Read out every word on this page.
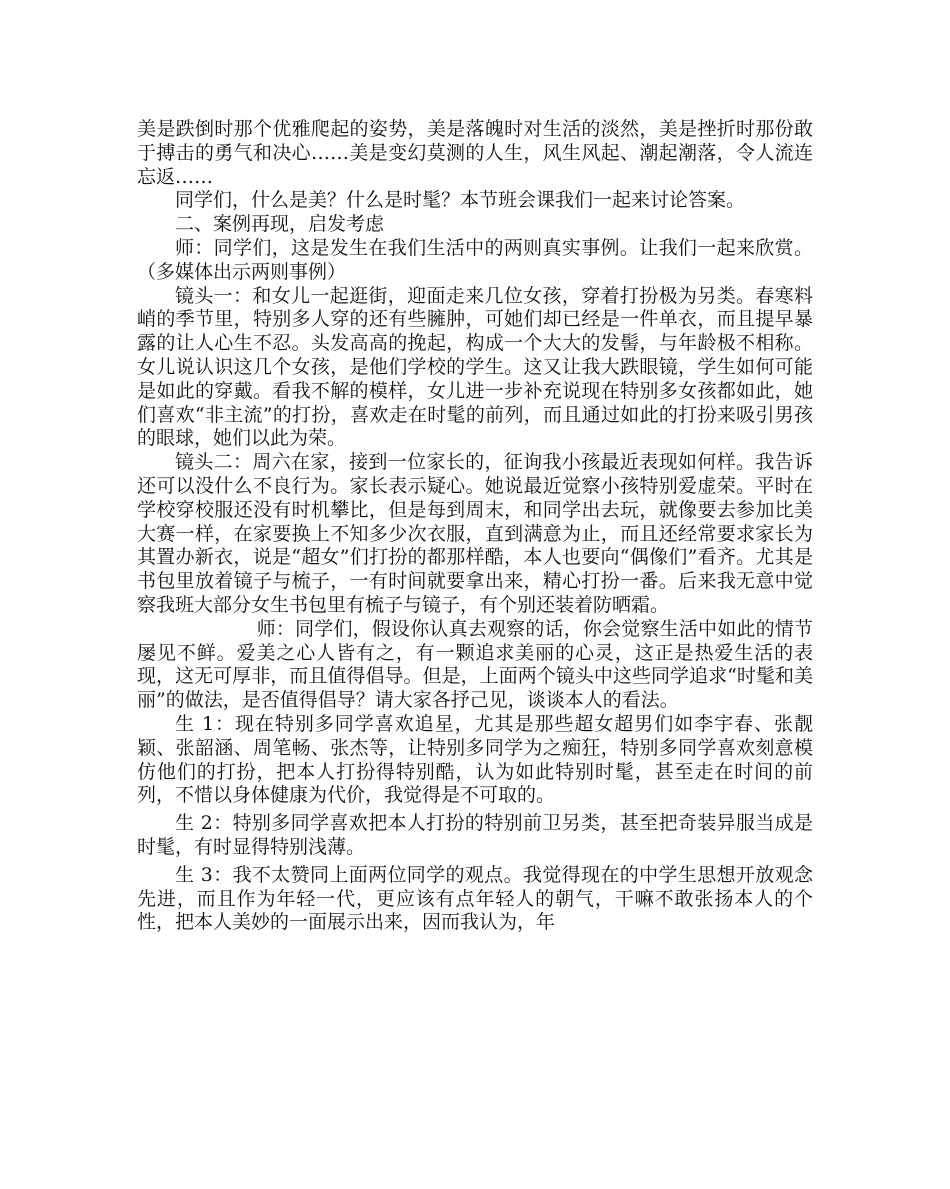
美是跌倒时那个优雅爬起的姿势，美是落魄时对生活的淡然，美是挫折时那份敢于搏击的勇气和决心……美是变幻莫测的人生，风生风起、潮起潮落，令人流连忘返……

同学们，什么是美？什么是时髦？本节班会课我们一起来讨论答案。

二、案例再现，启发考虑

师：同学们，这是发生在我们生活中的两则真实事例。让我们一起来欣赏。（多媒体出示两则事例）

镜头一：和女儿一起逛街，迎面走来几位女孩，穿着打扮极为另类。春寒料峭的季节里，特别多人穿的还有些臃肿，可她们却已经是一件单衣，而且提早暴露的让人心生不忍。头发高高的挽起，构成一个大大的发髻，与年龄极不相称。女儿说认识这几个女孩，是他们学校的学生。这又让我大跌眼镜，学生如何可能是如此的穿戴。看我不解的模样，女儿进一步补充说现在特别多女孩都如此，她们喜欢“非主流”的打扮，喜欢走在时髦的前列，而且通过如此的打扮来吸引男孩的眼球，她们以此为荣。

镜头二：周六在家，接到一位家长的，征询我小孩最近表现如何样。我告诉还可以没什么不良行为。家长表示疑心。她说最近觉察小孩特别爱虚荣。平时在学校穿校服还没有时机攀比，但是每到周末，和同学出去玩，就像要去参加比美大赛一样，在家要换上不知多少次衣服，直到满意为止，而且还经常要求家长为其置办新衣，说是“超女”们打扮的都那样酷，本人也要向“偶像们”看齐。尤其是书包里放着镜子与梳子，一有时间就要拿出来，精心打扮一番。后来我无意中觉察我班大部分女生书包里有梳子与镜子，有个别还装着防晒霜。

师：同学们，假设你认真去观察的话，你会觉察生活中如此的情节屡见不鲜。爱美之心人皆有之，有一颗追求美丽的心灵，这正是热爱生活的表现，这无可厚非，而且值得倡导。但是，上面两个镜头中这些同学追求“时髦和美丽”的做法，是否值得倡导？请大家各抒己见，谈谈本人的看法。

生 1：现在特别多同学喜欢追星，尤其是那些超女超男们如李宇春、张靓颖、张韶涵、周笔畅、张杰等，让特别多同学为之痴狂，特别多同学喜欢刻意模仿他们的打扮，把本人打扮得特别酷，认为如此特别时髦，甚至走在时间的前列，不惜以身体健康为代价，我觉得是不可取的。

生 2：特别多同学喜欢把本人打扮的特别前卫另类，甚至把奇装异服当成是时髦，有时显得特别浅薄。

生 3：我不太赞同上面两位同学的观点。我觉得现在的中学生思想开放观念先进，而且作为年轻一代，更应该有点年轻人的朝气，干嘛不敢张扬本人的个性，把本人美妙的一面展示出来，因而我认为，年
